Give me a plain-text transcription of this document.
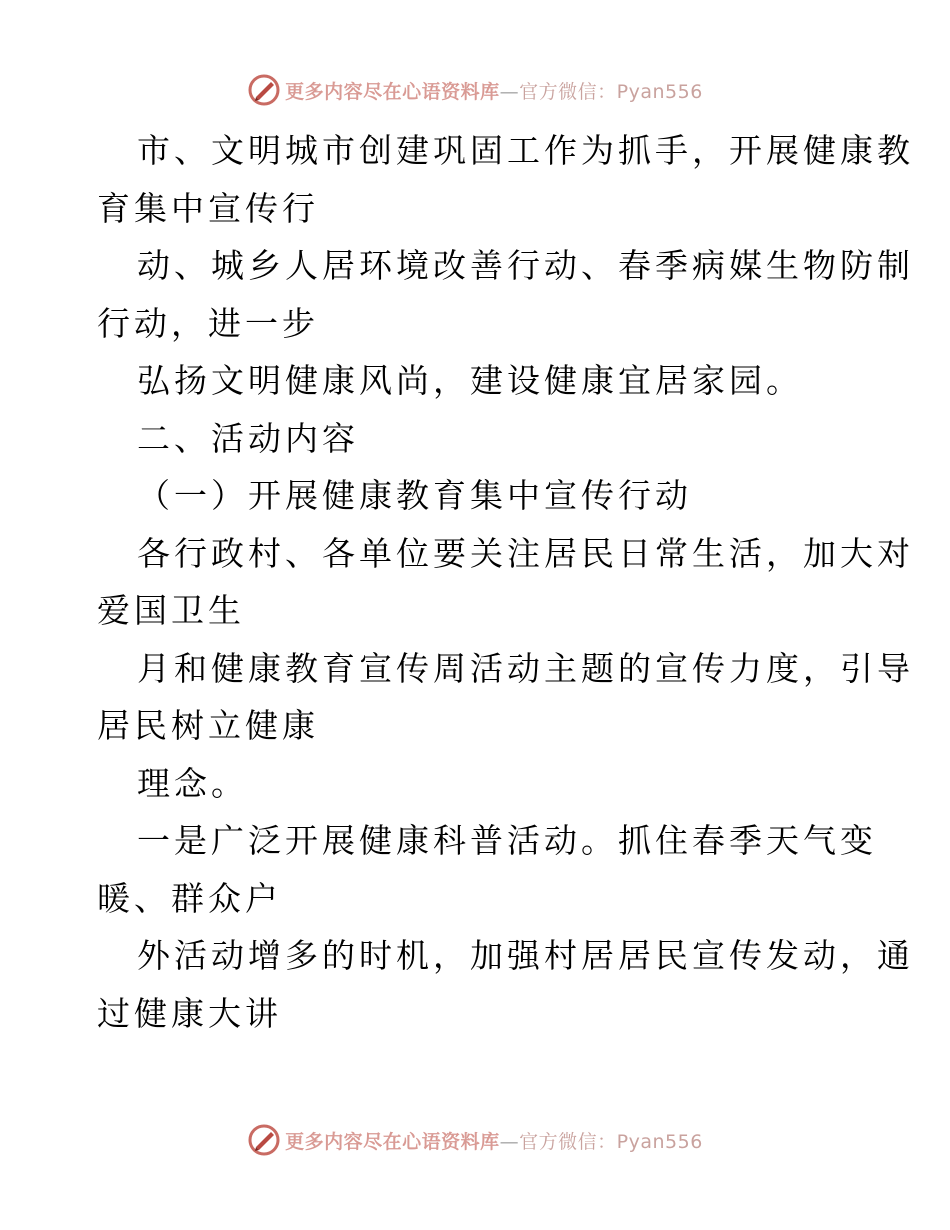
更多内容尽在心语资料库—官方微信：Pyan556
市、文明城市创建巩固工作为抓手，开展健康教
育集中宣传行
动、城乡人居环境改善行动、春季病媒生物防制
行动，进一步
弘扬文明健康风尚，建设健康宜居家园。
二、活动内容
（一）开展健康教育集中宣传行动
各行政村、各单位要关注居民日常生活，加大对
爱国卫生
月和健康教育宣传周活动主题的宣传力度，引导
居民树立健康
理念。
一是广泛开展健康科普活动。抓住春季天气变
暖、群众户
外活动增多的时机，加强村居居民宣传发动，通
过健康大讲
更多内容尽在心语资料库—官方微信：Pyan556
